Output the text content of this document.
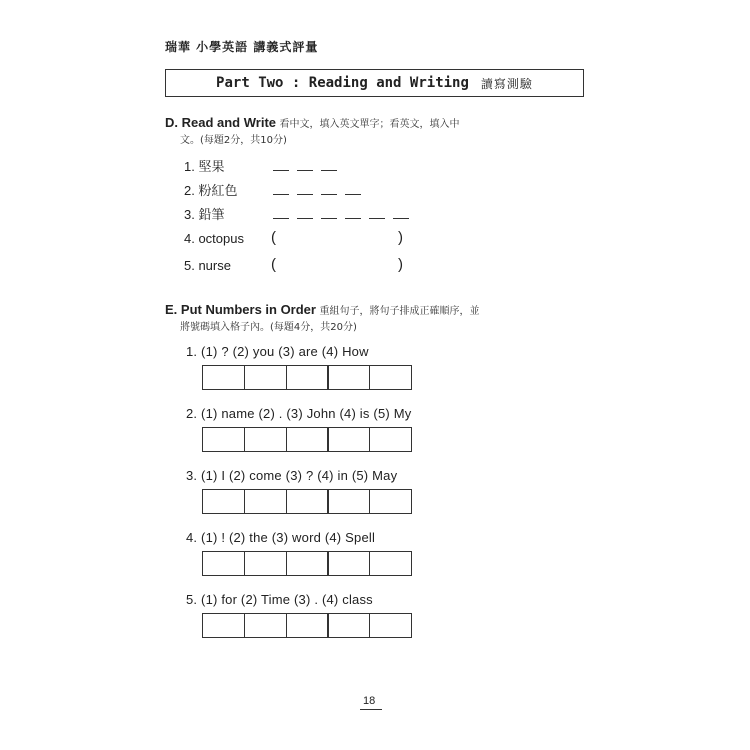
瑞華 小學英語 講義式評量
Part Two : Reading and Writing 讀寫測驗
D. Read and Write 看中文，填入英文單字；看英文，填入中
文。(每題2分，共10分)
1. 堅果
2. 粉紅色
3. 鉛筆
4. octopus (	)
5. nurse	(	)
E. Put Numbers in Order 重組句子，將句子排成正確順序，並
將號碼填入格子內。(每題4分，共20分)
1. (1) ? (2) you (3) are (4) How
2. (1) name (2) . (3) John (4) is (5) My
3. (1) I (2) come (3) ? (4) in (5) May
4. (1) ! (2) the (3) word (4) Spell
5. (1) for (2) Time (3) . (4) class
18
